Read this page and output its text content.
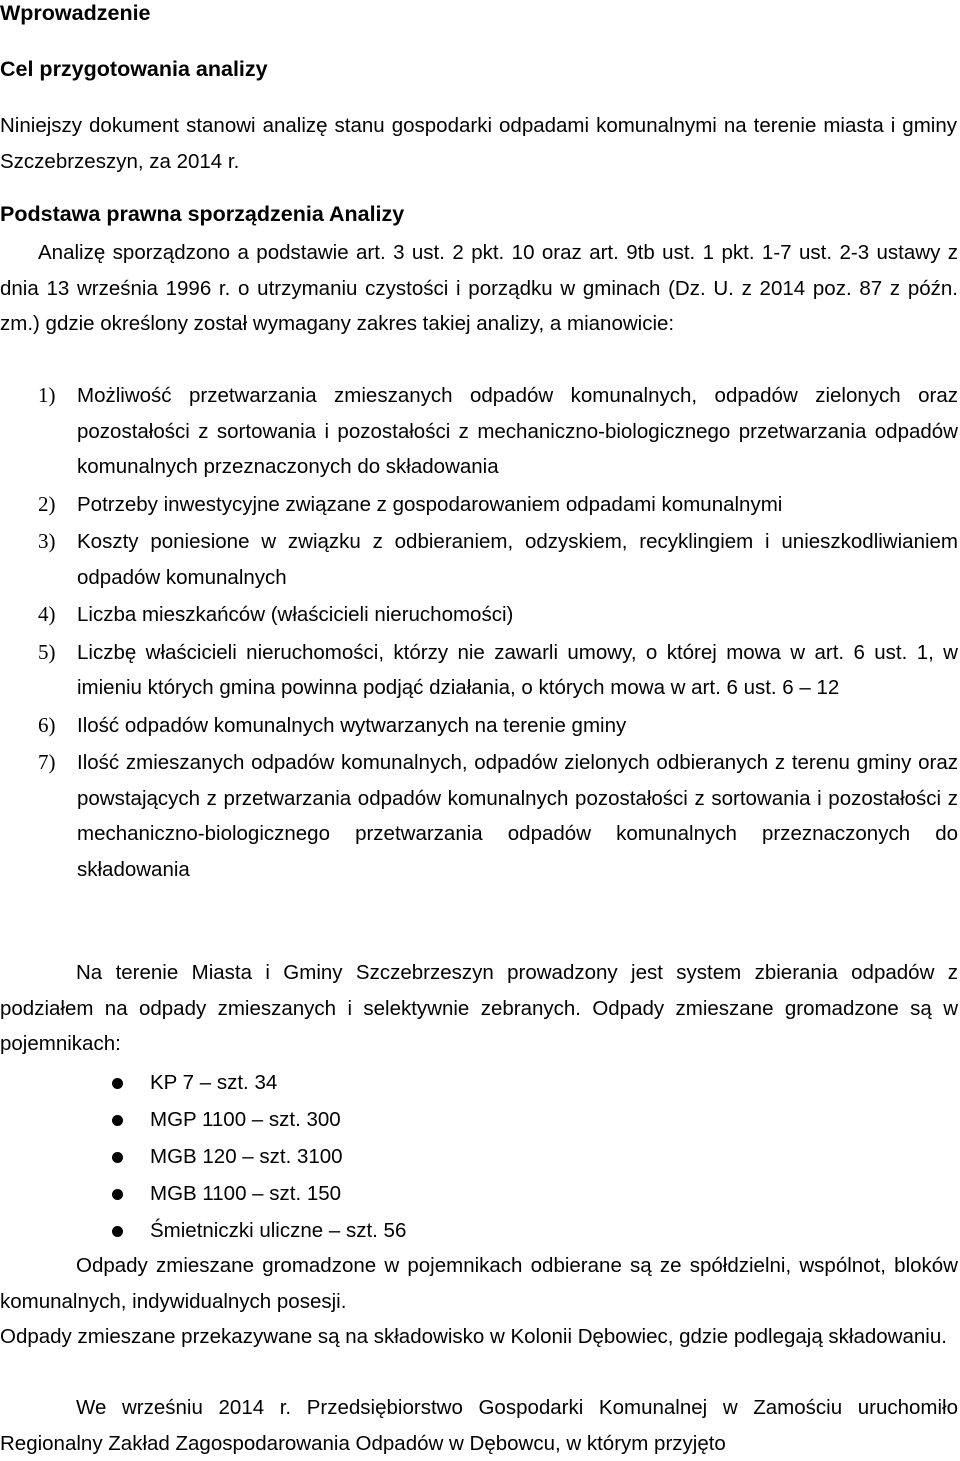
Wprowadzenie

Cel przygotowania analizy

Niniejszy dokument stanowi analizę stanu gospodarki odpadami komunalnymi na terenie miasta i gminy Szczebrzeszyn, za 2014 r.

Podstawa prawna sporządzenia Analizy

Analizę sporządzono a podstawie art. 3 ust. 2 pkt. 10 oraz art. 9tb ust. 1 pkt. 1-7 ust. 2-3 ustawy z dnia 13 września 1996 r. o utrzymaniu czystości i porządku w gminach (Dz. U. z 2014 poz. 87 z późn. zm.) gdzie określony został wymagany zakres takiej analizy, a mianowicie:

1) Możliwość przetwarzania zmieszanych odpadów komunalnych, odpadów zielonych oraz pozostałości z sortowania i pozostałości z mechaniczno-biologicznego przetwarzania odpadów komunalnych przeznaczonych do składowania
2) Potrzeby inwestycyjne związane z gospodarowaniem odpadami komunalnymi
3) Koszty poniesione w związku z odbieraniem, odzyskiem, recyklingiem i unieszkodliwianiem odpadów komunalnych
4) Liczba mieszkańców (właścicieli nieruchomości)
5) Liczbę właścicieli nieruchomości, którzy nie zawarli umowy, o której mowa w art. 6 ust. 1, w imieniu których gmina powinna podjąć działania, o których mowa w art. 6 ust. 6 – 12
6) Ilość odpadów komunalnych wytwarzanych na terenie gminy
7) Ilość zmieszanych odpadów komunalnych, odpadów zielonych odbieranych z terenu gminy oraz powstających z przetwarzania odpadów komunalnych pozostałości z sortowania i pozostałości z mechaniczno-biologicznego przetwarzania odpadów komunalnych przeznaczonych do składowania

Na terenie Miasta i Gminy Szczebrzeszyn prowadzony jest system zbierania odpadów z podziałem na odpady zmieszanych i selektywnie zebranych. Odpady zmieszane gromadzone są w pojemnikach:

KP 7 – szt. 34
MGP 1100 – szt. 300
MGB 120 – szt. 3100
MGB 1100 – szt. 150
Śmietniczki uliczne – szt. 56

Odpady zmieszane gromadzone w pojemnikach odbierane są ze spółdzielni, wspólnot, bloków komunalnych, indywidualnych posesji.

Odpady zmieszane przekazywane są na składowisko w Kolonii Dębowiec, gdzie podlegają składowaniu.

We wrześniu 2014 r. Przedsiębiorstwo Gospodarki Komunalnej w Zamościu uruchomiło Regionalny Zakład Zagospodarowania Odpadów w Dębowcu, w którym przyjęto
